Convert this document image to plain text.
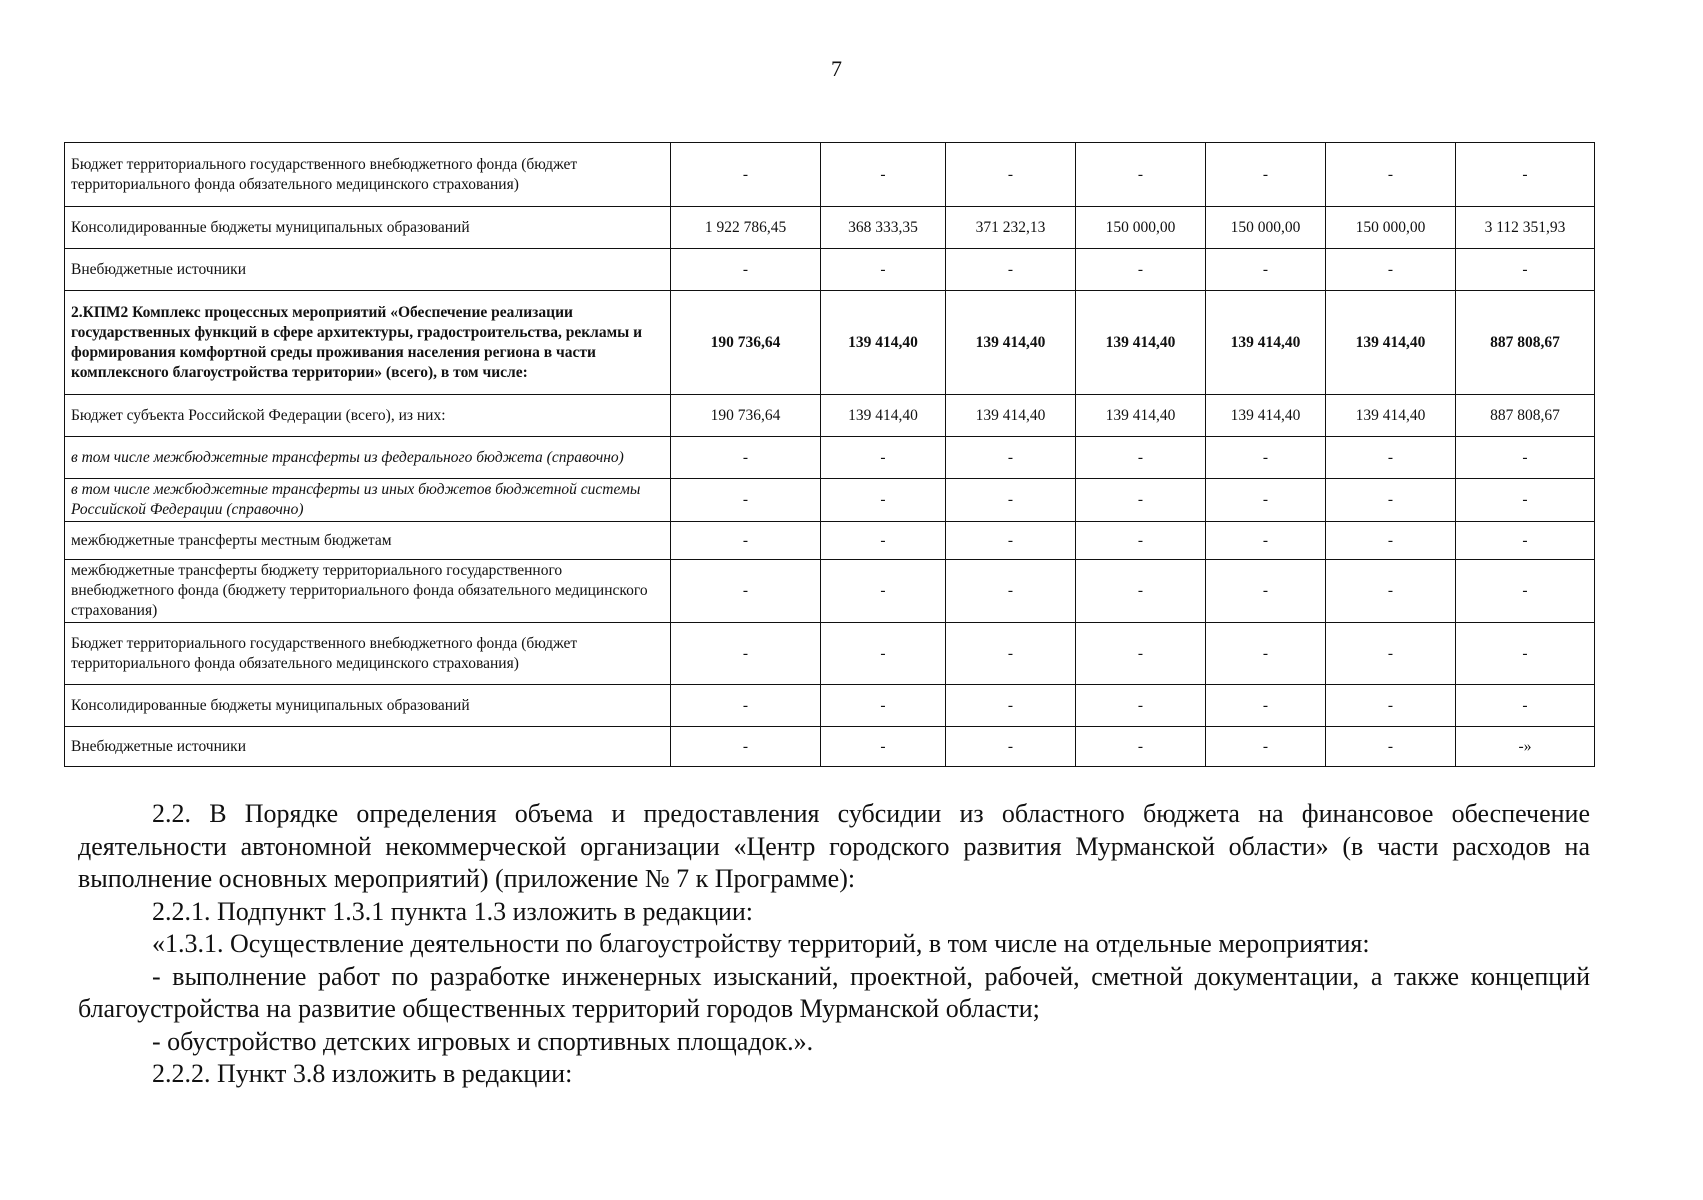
7
Бюджет территориального государственного внебюджетного фонда (бюджет территориального фонда обязательного медицинского страхования)	-	-	-	-	-	-	-
Консолидированные бюджеты муниципальных образований	1 922 786,45	368 333,35	371 232,13	150 000,00	150 000,00	150 000,00	3 112 351,93
Внебюджетные источники	-	-	-	-	-	-	-
2.КПМ2 Комплекс процессных мероприятий «Обеспечение реализации государственных функций в сфере архитектуры, градостроительства, рекламы и формирования комфортной среды проживания населения региона в части комплексного благоустройства территории» (всего), в том числе:	190 736,64	139 414,40	139 414,40	139 414,40	139 414,40	139 414,40	887 808,67
Бюджет субъекта Российской Федерации (всего), из них:	190 736,64	139 414,40	139 414,40	139 414,40	139 414,40	139 414,40	887 808,67
в том числе межбюджетные трансферты из федерального бюджета (справочно)	-	-	-	-	-	-	-
в том числе межбюджетные трансферты из иных бюджетов бюджетной системы Российской Федерации (справочно)	-	-	-	-	-	-	-
межбюджетные трансферты местным бюджетам	-	-	-	-	-	-	-
межбюджетные трансферты бюджету территориального государственного внебюджетного фонда (бюджету территориального фонда обязательного медицинского страхования)	-	-	-	-	-	-	-
Бюджет территориального государственного внебюджетного фонда (бюджет территориального фонда обязательного медицинского страхования)	-	-	-	-	-	-	-
Консолидированные бюджеты муниципальных образований	-	-	-	-	-	-	-
Внебюджетные источники	-	-	-	-	-	-	-»

2.2. В Порядке определения объема и предоставления субсидии из областного бюджета на финансовое обеспечение деятельности автономной некоммерческой организации «Центр городского развития Мурманской области» (в части расходов на выполнение основных мероприятий) (приложение № 7 к Программе):

2.2.1. Подпункт 1.3.1 пункта 1.3 изложить в редакции:

«1.3.1. Осуществление деятельности по благоустройству территорий, в том числе на отдельные мероприятия:

- выполнение работ по разработке инженерных изысканий, проектной, рабочей, сметной документации, а также концепций благоустройства на развитие общественных территорий городов Мурманской области;

- обустройство детских игровых и спортивных площадок.».

2.2.2. Пункт 3.8 изложить в редакции:
